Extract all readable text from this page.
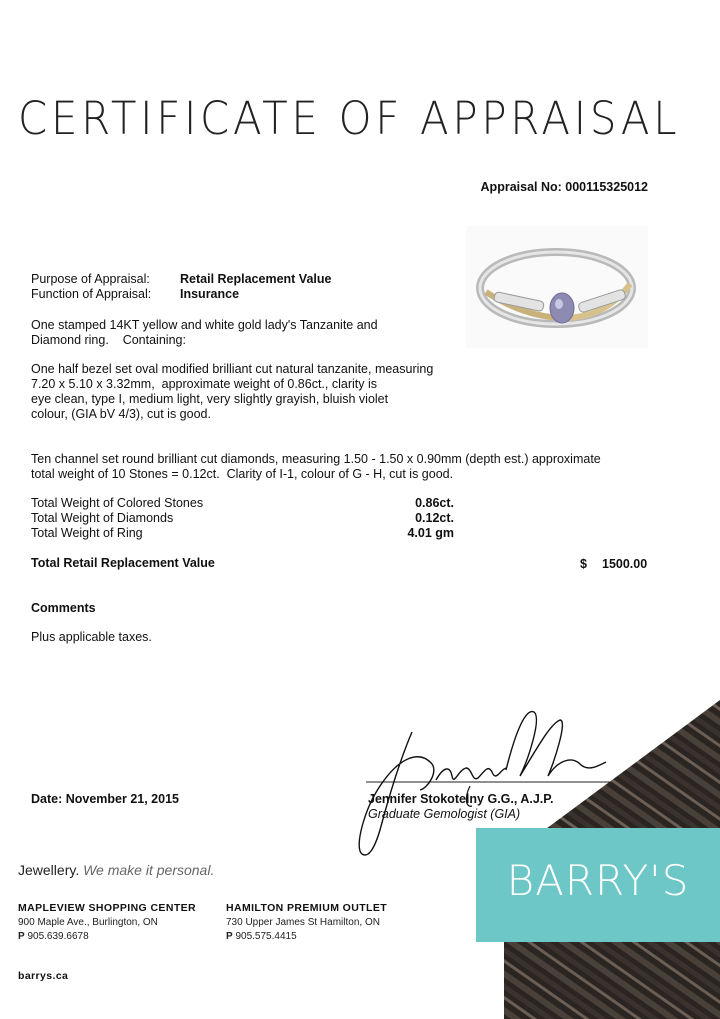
CERTIFICATE OF APPRAISAL
Appraisal No: 000115325012
Purpose of Appraisal: Retail Replacement Value
Function of Appraisal: Insurance
One stamped 14KT yellow and white gold lady's Tanzanite and
Diamond ring.    Containing:
One half bezel set oval modified brilliant cut natural tanzanite, measuring
7.20 x 5.10 x 3.32mm,  approximate weight of 0.86ct., clarity is
eye clean, type I, medium light, very slightly grayish, bluish violet
colour, (GIA bV 4/3), cut is good.
Ten channel set round brilliant cut diamonds, measuring 1.50 - 1.50 x 0.90mm (depth est.) approximate
total weight of 10 Stones = 0.12ct.  Clarity of I-1, colour of G - H, cut is good.
Total Weight of Colored Stones
Total Weight of Diamonds
Total Weight of Ring
0.86ct.
0.12ct.
4.01 gm
Total Retail Replacement Value	$ 1500.00
Comments
Plus applicable taxes.
Date: November 21, 2015	Jennifer Stokotelny G.G., A.J.P.
Graduate Gemologist (GIA)
BARRY'S
Jewellery. We make it personal.
MAPLEVIEW SHOPPING CENTER
900 Maple Ave., Burlington, ON
P 905.639.6678
HAMILTON PREMIUM OUTLET
730 Upper James St Hamilton, ON
P 905.575.4415
barrys.ca
